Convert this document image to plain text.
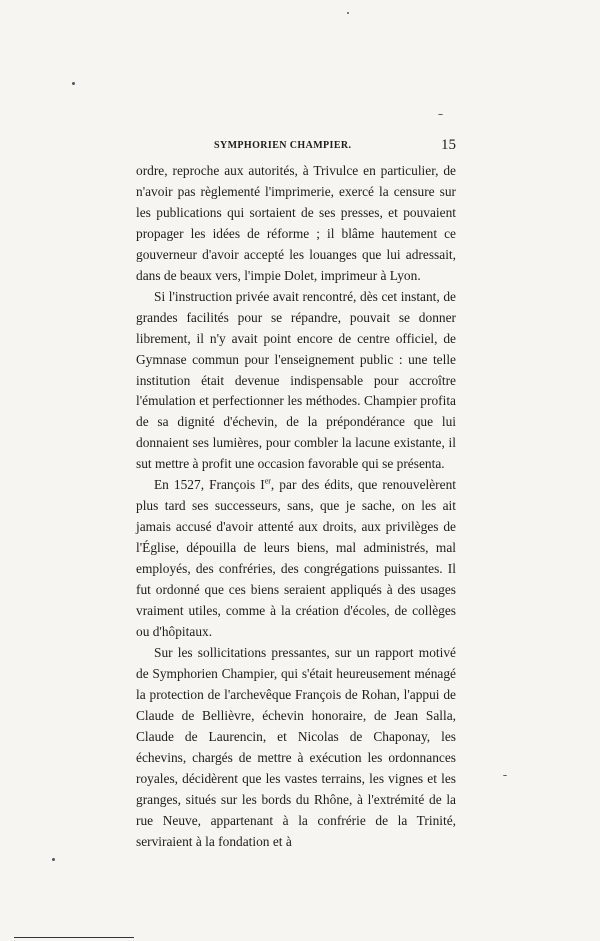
SYMPHORIEN CHAMPIER.	15

ordre, reproche aux autorités, à Trivulce en particulier, de n'avoir pas règlementé l'imprimerie, exercé la censure sur les publications qui sortaient de ses presses, et pouvaient propager les idées de réforme ; il blâme hautement ce gouverneur d'avoir accepté les louanges que lui adressait, dans de beaux vers, l'impie Dolet, imprimeur à Lyon.

Si l'instruction privée avait rencontré, dès cet instant, de grandes facilités pour se répandre, pouvait se donner librement, il n'y avait point encore de centre officiel, de Gymnase commun pour l'enseignement public : une telle institution était devenue indispensable pour accroître l'émulation et perfectionner les méthodes. Champier profita de sa dignité d'échevin, de la prépondérance que lui donnaient ses lumières, pour combler la lacune existante, il sut mettre à profit une occasion favorable qui se présenta.

En 1527, François Ier, par des édits, que renouvelèrent plus tard ses successeurs, sans, que je sache, on les ait jamais accusé d'avoir attenté aux droits, aux privilèges de l'Église, dépouilla de leurs biens, mal administrés, mal employés, des confréries, des congrégations puissantes. Il fut ordonné que ces biens seraient appliqués à des usages vraiment utiles, comme à la création d'écoles, de collèges ou d'hôpitaux.

Sur les sollicitations pressantes, sur un rapport motivé de Symphorien Champier, qui s'était heureusement ménagé la protection de l'archevêque François de Rohan, l'appui de Claude de Bellièvre, échevin honoraire, de Jean Salla, Claude de Laurencin, et Nicolas de Chaponay, les échevins, chargés de mettre à exécution les ordonnances royales, décidèrent que les vastes terrains, les vignes et les granges, situés sur les bords du Rhône, à l'extrémité de la rue Neuve, appartenant à la confrérie de la Trinité, serviraient à la fondation et à
